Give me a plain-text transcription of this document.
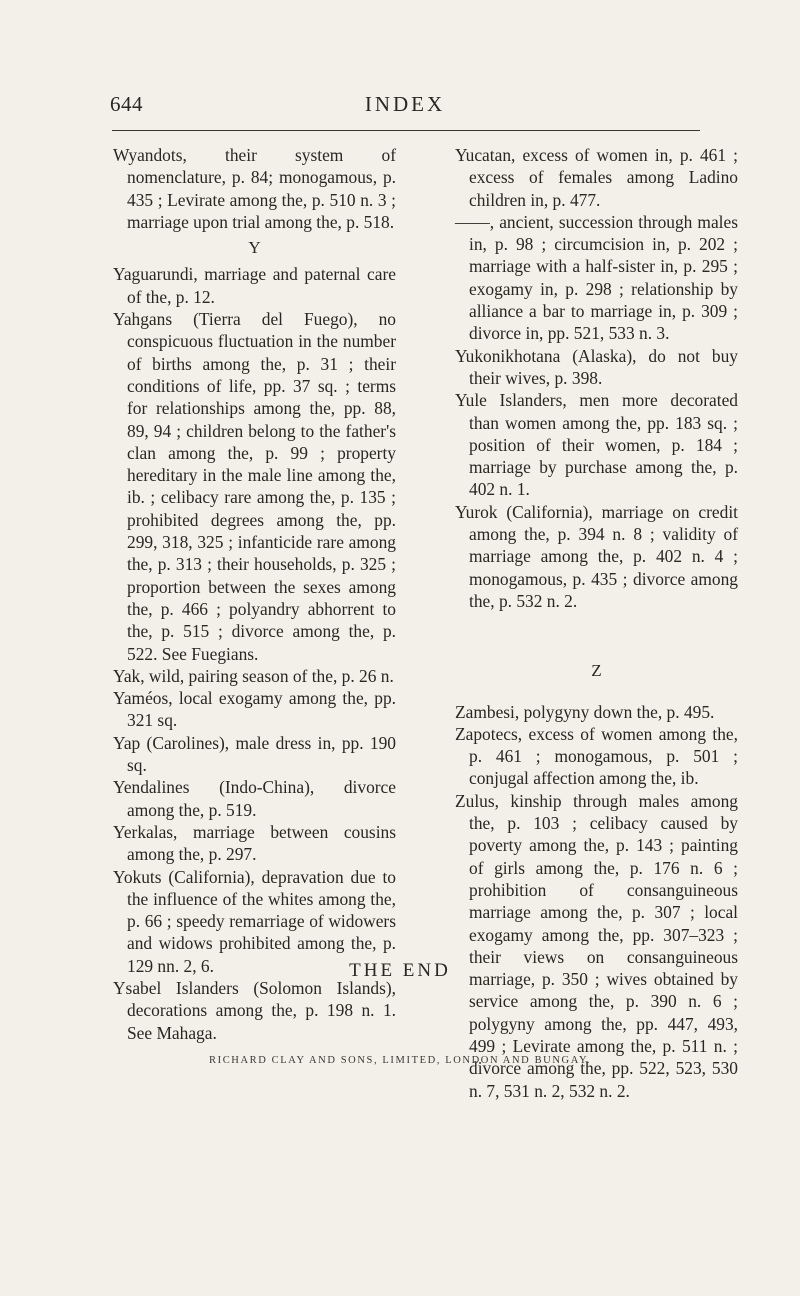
644	INDEX

Wyandots, their system of nomenclature, p. 84; monogamous, p. 435 ; Levirate among the, p. 510 n. 3 ; marriage upon trial among the, p. 518.

Y

Yaguarundi, marriage and paternal care of the, p. 12.

Yahgans (Tierra del Fuego), no conspicuous fluctuation in the number of births among the, p. 31 ; their conditions of life, pp. 37 sq. ; terms for relationships among the, pp. 88, 89, 94 ; children belong to the father's clan among the, p. 99 ; property hereditary in the male line among the, ib. ; celibacy rare among the, p. 135 ; prohibited degrees among the, pp. 299, 318, 325 ; infanticide rare among the, p. 313 ; their households, p. 325 ; proportion between the sexes among the, p. 466 ; polyandry abhorrent to the, p. 515 ; divorce among the, p. 522. See Fuegians.

Yak, wild, pairing season of the, p. 26 n.

Yaméos, local exogamy among the, pp. 321 sq.

Yap (Carolines), male dress in, pp. 190 sq.

Yendalines (Indo-China), divorce among the, p. 519.

Yerkalas, marriage between cousins among the, p. 297.

Yokuts (California), depravation due to the influence of the whites among the, p. 66 ; speedy remarriage of widowers and widows prohibited among the, p. 129 nn. 2, 6.

Ysabel Islanders (Solomon Islands), decorations among the, p. 198 n. 1. See Mahaga.

Yucatan, excess of women in, p. 461 ; excess of females among Ladino children in, p. 477.

——, ancient, succession through males in, p. 98 ; circumcision in, p. 202 ; marriage with a half-sister in, p. 295 ; exogamy in, p. 298 ; relationship by alliance a bar to marriage in, p. 309 ; divorce in, pp. 521, 533 n. 3.

Yukonikhotana (Alaska), do not buy their wives, p. 398.

Yule Islanders, men more decorated than women among the, pp. 183 sq. ; position of their women, p. 184 ; marriage by purchase among the, p. 402 n. 1.

Yurok (California), marriage on credit among the, p. 394 n. 8 ; validity of marriage among the, p. 402 n. 4 ; monogamous, p. 435 ; divorce among the, p. 532 n. 2.

Z

Zambesi, polygyny down the, p. 495.

Zapotecs, excess of women among the, p. 461 ; monogamous, p. 501 ; conjugal affection among the, ib.

Zulus, kinship through males among the, p. 103 ; celibacy caused by poverty among the, p. 143 ; painting of girls among the, p. 176 n. 6 ; prohibition of consanguineous marriage among the, p. 307 ; local exogamy among the, pp. 307–323 ; their views on consanguineous marriage, p. 350 ; wives obtained by service among the, p. 390 n. 6 ; polygyny among the, pp. 447, 493, 499 ; Levirate among the, p. 511 n. ; divorce among the, pp. 522, 523, 530 n. 7, 531 n. 2, 532 n. 2.

THE END
RICHARD CLAY AND SONS, LIMITED, LONDON AND BUNGAY.
